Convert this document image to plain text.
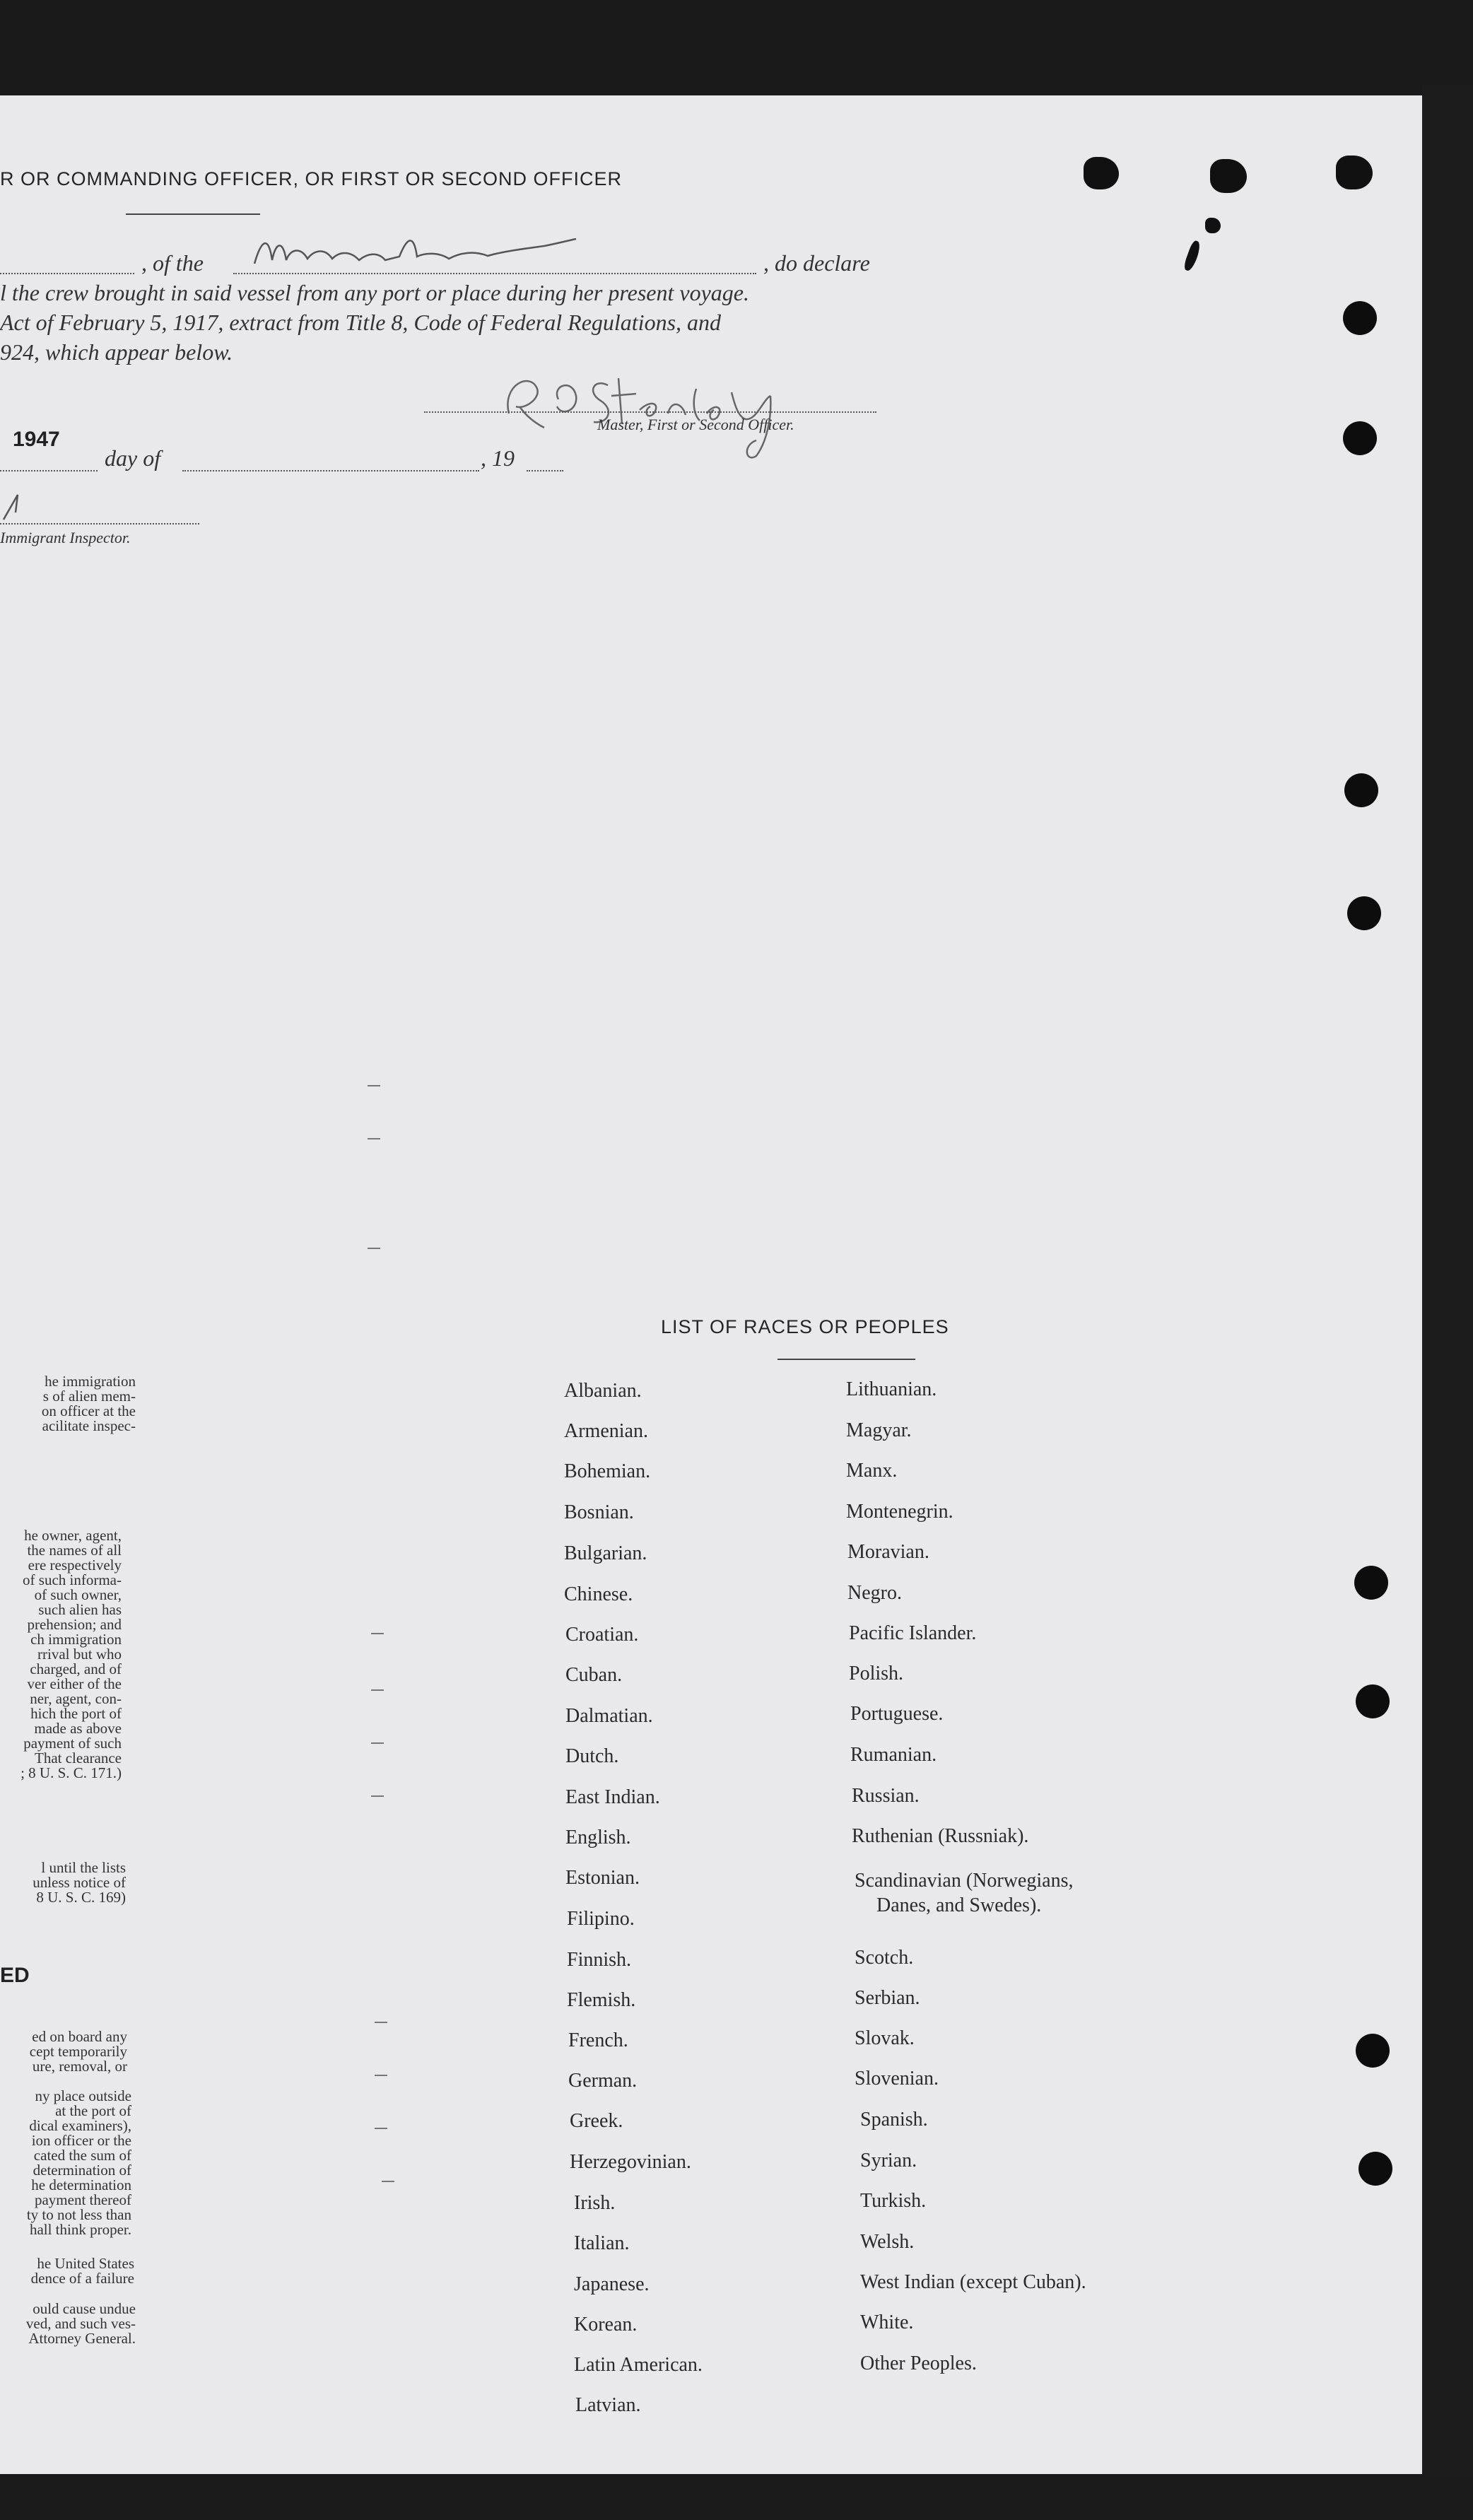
R OR COMMANDING OFFICER, OR FIRST OR SECOND OFFICER
, of the	, do declare
l the crew brought in said vessel from any port or place during her present voyage.
Act of February 5, 1917, extract from Title 8, Code of Federal Regulations, and
924, which appear below.
Master, First or Second Officer.
1947
day of	, 19
Immigrant Inspector.
LIST OF RACES OR PEOPLES
Albanian.
Armenian.
Bohemian.
Bosnian.
Bulgarian.
Chinese.
Croatian.
Cuban.
Dalmatian.
Dutch.
East Indian.
English.
Estonian.
Filipino.
Finnish.
Flemish.
French.
German.
Greek.
Herzegovinian.
Irish.
Italian.
Japanese.
Korean.
Latin American.
Latvian.
Lithuanian.
Magyar.
Manx.
Montenegrin.
Moravian.
Negro.
Pacific Islander.
Polish.
Portuguese.
Rumanian.
Russian.
Ruthenian (Russniak).
Scandinavian (Norwegians,
Danes, and Swedes).
Scotch.
Serbian.
Slovak.
Slovenian.
Spanish.
Syrian.
Turkish.
Welsh.
West Indian (except Cuban).
White.
Other Peoples.
he immigration
s of alien mem-
on officer at the
acilitate inspec-
he owner, agent,
the names of all
ere respectively
of such informa-
of such owner,
such alien has
prehension; and
ch immigration
rrival but who
charged, and of
ver either of the
ner, agent, con-
hich the port of
made as above
payment of such
That clearance
; 8 U. S. C. 171.)
l until the lists
unless notice of
8 U. S. C. 169)
ED
ed on board any
cept temporarily
ure, removal, or
ny place outside
at the port of
dical examiners),
ion officer or the
cated the sum of
determination of
he determination
payment thereof
ty to not less than
hall think proper.
he United States
dence of a failure
ould cause undue
ved, and such ves-
Attorney General.
